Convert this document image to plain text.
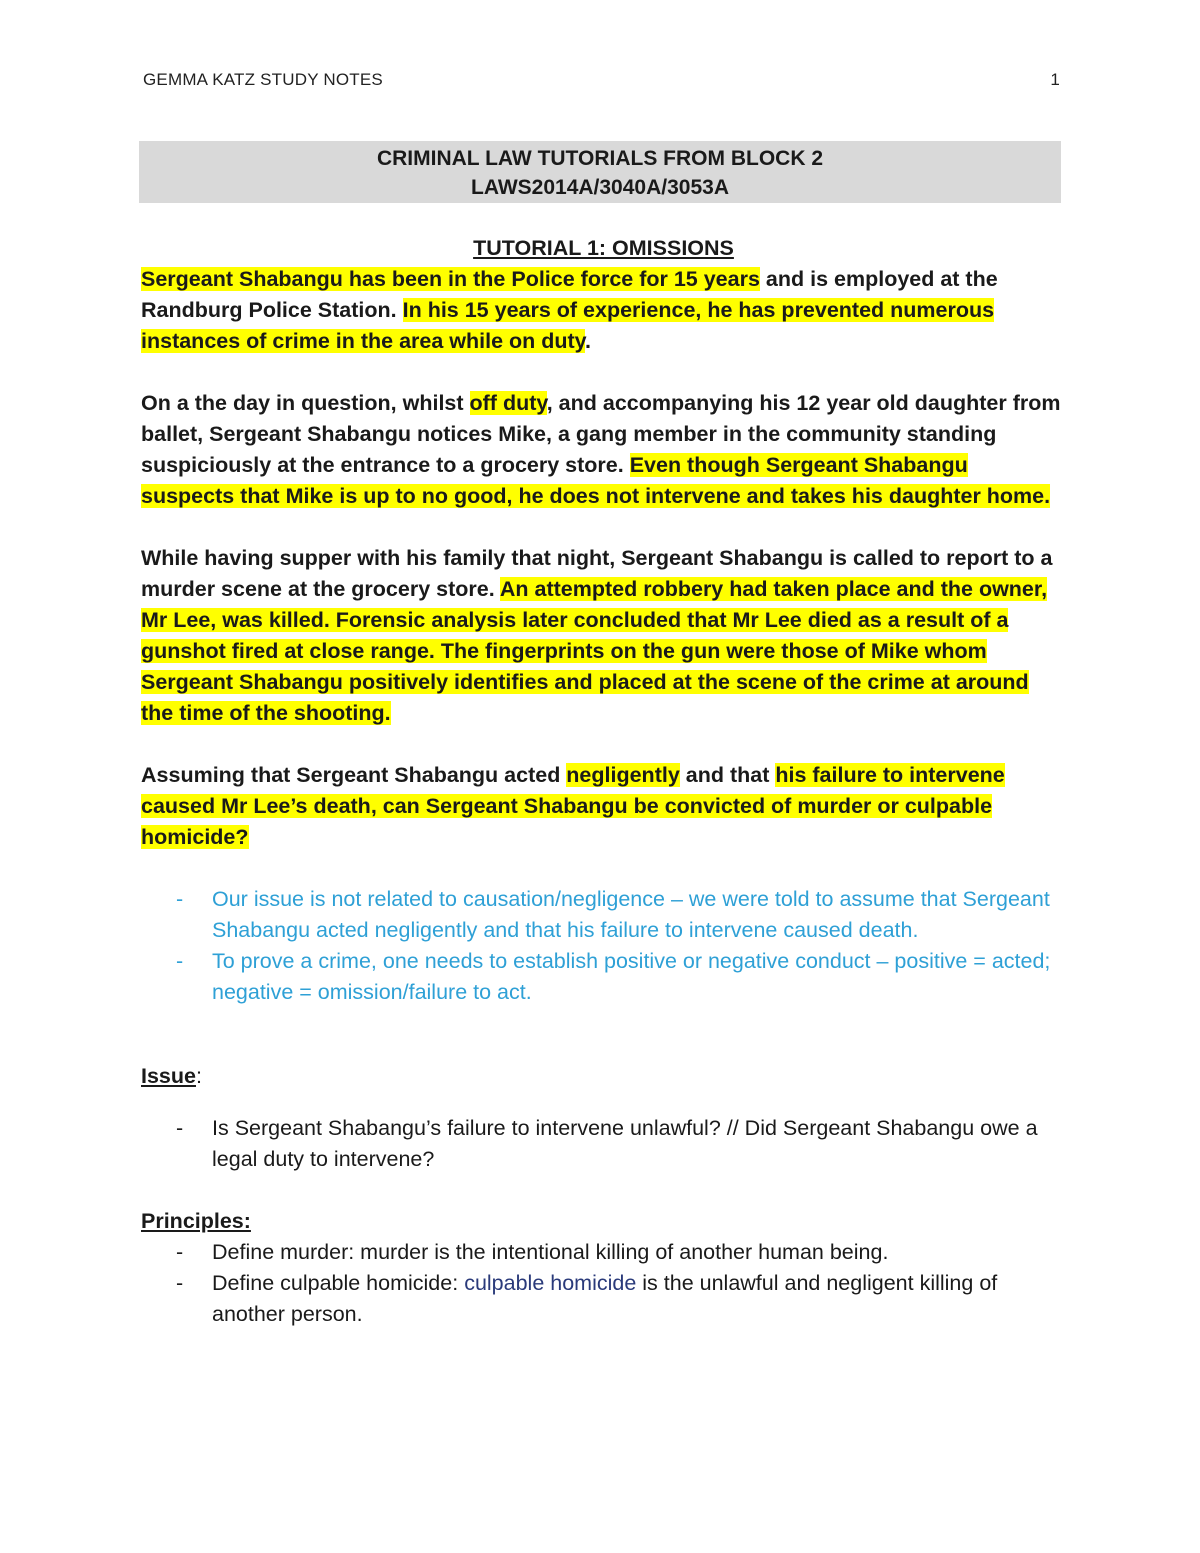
GEMMA KATZ STUDY NOTES	1
CRIMINAL LAW TUTORIALS FROM BLOCK 2
LAWS2014A/3040A/3053A

TUTORIAL 1: OMISSIONS

Sergeant Shabangu has been in the Police force for 15 years and is employed at the Randburg Police Station. In his 15 years of experience, he has prevented numerous instances of crime in the area while on duty.

On a the day in question, whilst off duty, and accompanying his 12 year old daughter from ballet, Sergeant Shabangu notices Mike, a gang member in the community standing suspiciously at the entrance to a grocery store. Even though Sergeant Shabangu suspects that Mike is up to no good, he does not intervene and takes his daughter home.

While having supper with his family that night, Sergeant Shabangu is called to report to a murder scene at the grocery store. An attempted robbery had taken place and the owner, Mr Lee, was killed. Forensic analysis later concluded that Mr Lee died as a result of a gunshot fired at close range. The fingerprints on the gun were those of Mike whom Sergeant Shabangu positively identifies and placed at the scene of the crime at around the time of the shooting.

Assuming that Sergeant Shabangu acted negligently and that his failure to intervene caused Mr Lee’s death, can Sergeant Shabangu be convicted of murder or culpable homicide?

- Our issue is not related to causation/negligence – we were told to assume that Sergeant Shabangu acted negligently and that his failure to intervene caused death.
- To prove a crime, one needs to establish positive or negative conduct – positive = acted; negative = omission/failure to act.

Issue:

- Is Sergeant Shabangu’s failure to intervene unlawful? // Did Sergeant Shabangu owe a legal duty to intervene?

Principles:

- Define murder: murder is the intentional killing of another human being.
- Define culpable homicide: culpable homicide is the unlawful and negligent killing of another person.
